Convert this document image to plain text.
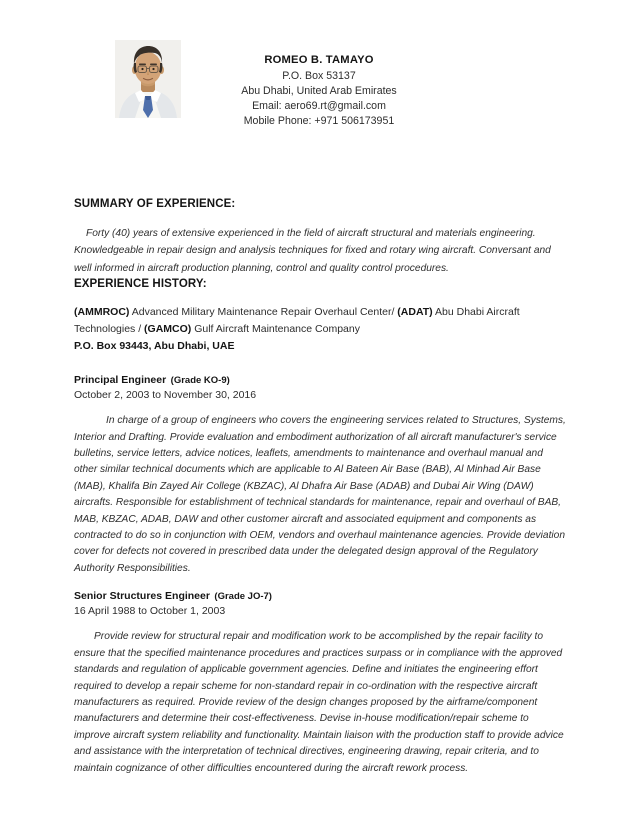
ROMEO B. TAMAYO
P.O. Box 53137
Abu Dhabi, United Arab Emirates
Email: aero69.rt@gmail.com
Mobile Phone: +971 506173951
SUMMARY OF EXPERIENCE:

Forty (40) years of extensive experienced in the field of aircraft structural and materials engineering. Knowledgeable in repair design and analysis techniques for fixed and rotary wing aircraft. Conversant and well informed in aircraft production planning, control and quality control procedures.

EXPERIENCE HISTORY:

(AMMROC) Advanced Military Maintenance Repair Overhaul Center/ (ADAT) Abu Dhabi Aircraft Technologies / (GAMCO) Gulf Aircraft Maintenance Company

P.O. Box 93443, Abu Dhabi, UAE

Principal Engineer (Grade KO-9)

October 2, 2003 to November 30, 2016

In charge of a group of engineers who covers the engineering services related to Structures, Systems, Interior and Drafting. Provide evaluation and embodiment authorization of all aircraft manufacturer's service bulletins, service letters, advice notices, leaflets, amendments to maintenance and overhaul manual and other similar technical documents which are applicable to Al Bateen Air Base (BAB), Al Minhad Air Base (MAB), Khalifa Bin Zayed Air College (KBZAC), Al Dhafra Air Base (ADAB) and Dubai Air Wing (DAW) aircrafts. Responsible for establishment of technical standards for maintenance, repair and overhaul of BAB, MAB, KBZAC, ADAB, DAW and other customer aircraft and associated equipment and components as contracted to do so in conjunction with OEM, vendors and overhaul maintenance agencies. Provide deviation cover for defects not covered in prescribed data under the delegated design approval of the Regulatory Authority Responsibilities.

Senior Structures Engineer (Grade JO-7)

16 April 1988 to October 1, 2003

Provide review for structural repair and modification work to be accomplished by the repair facility to ensure that the specified maintenance procedures and practices surpass or in compliance with the approved standards and regulation of applicable government agencies. Define and initiates the engineering effort required to develop a repair scheme for non-standard repair in co-ordination with the respective aircraft manufacturers as required. Provide review of the design changes proposed by the airframe/component manufacturers and determine their cost-effectiveness. Devise in-house modification/repair scheme to improve aircraft system reliability and functionality. Maintain liaison with the production staff to provide advice and assistance with the interpretation of technical directives, engineering drawing, repair criteria, and to maintain cognizance of other difficulties encountered during the aircraft rework process.
